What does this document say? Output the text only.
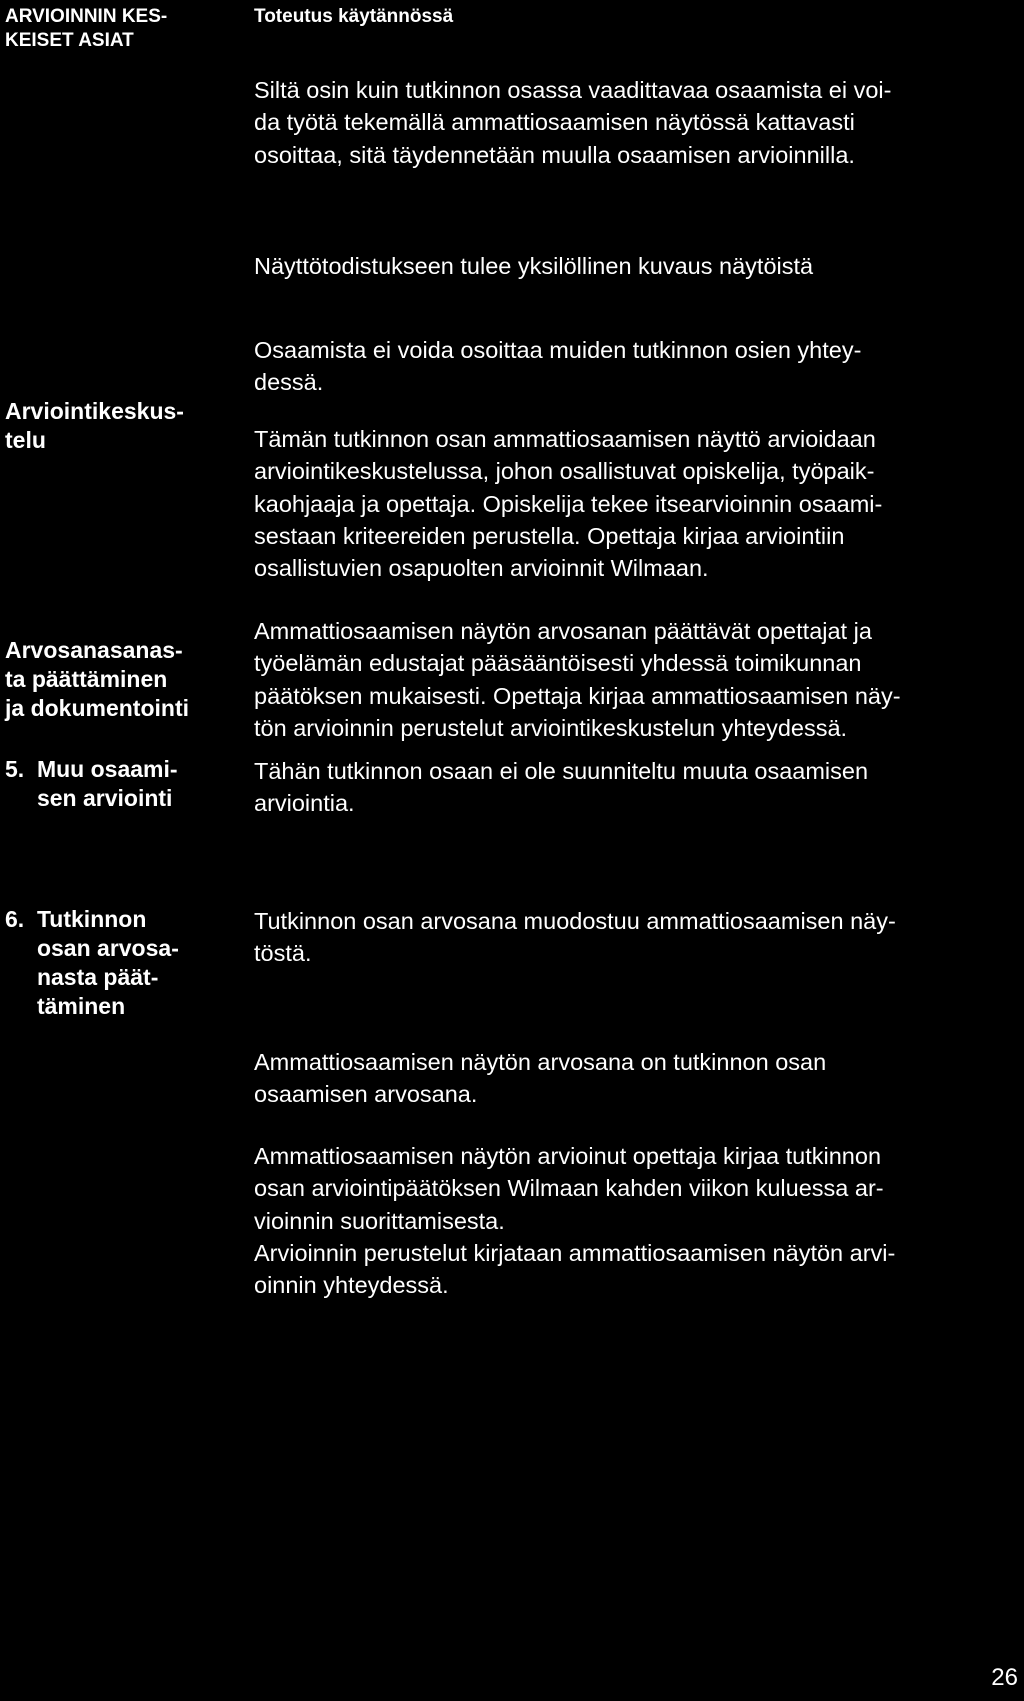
ARVIOINNIN KES-
KEISET ASIAT
Toteutus käytännössä
Siltä osin kuin tutkinnon osassa vaadittavaa osaamista ei voi-
da työtä tekemällä ammattiosaamisen näytössä kattavasti
osoittaa, sitä täydennetään muulla osaamisen arvioinnilla.
Näyttötodistukseen tulee yksilöllinen kuvaus näytöistä
Arviointikeskus-
telu
Osaamista ei voida osoittaa muiden tutkinnon osien yhtey-
dessä.
Tämän tutkinnon osan ammattiosaamisen näyttö arvioidaan
arviointikeskustelussa, johon osallistuvat opiskelija, työpaik-
kaohjaaja ja opettaja. Opiskelija tekee itsearvioinnin osaami-
sestaan kriteereiden perustella. Opettaja kirjaa arviointiin
osallistuvien osapuolten arvioinnit Wilmaan.
Arvosanasanas-
ta päättäminen
ja dokumentointi
Ammattiosaamisen näytön arvosanan päättävät opettajat ja
työelämän edustajat pääsääntöisesti yhdessä toimikunnan
päätöksen mukaisesti. Opettaja kirjaa ammattiosaamisen näy-
tön arvioinnin perustelut arviointikeskustelun yhteydessä.
5.  Muu osaami-
sen arviointi
Tähän tutkinnon osaan ei ole suunniteltu muuta osaamisen
arviointia.
6.  Tutkinnon
osan arvosa-
nasta päät-
täminen
Tutkinnon osan arvosana muodostuu ammattiosaamisen näy-
töstä.
Ammattiosaamisen näytön arvosana on tutkinnon osan
osaamisen arvosana.
Ammattiosaamisen näytön arvioinut opettaja kirjaa tutkinnon
osan arviointipäätöksen Wilmaan kahden viikon kuluessa ar-
vioinnin suorittamisesta.
Arvioinnin perustelut kirjataan ammattiosaamisen näytön arvi-
oinnin yhteydessä.
26
